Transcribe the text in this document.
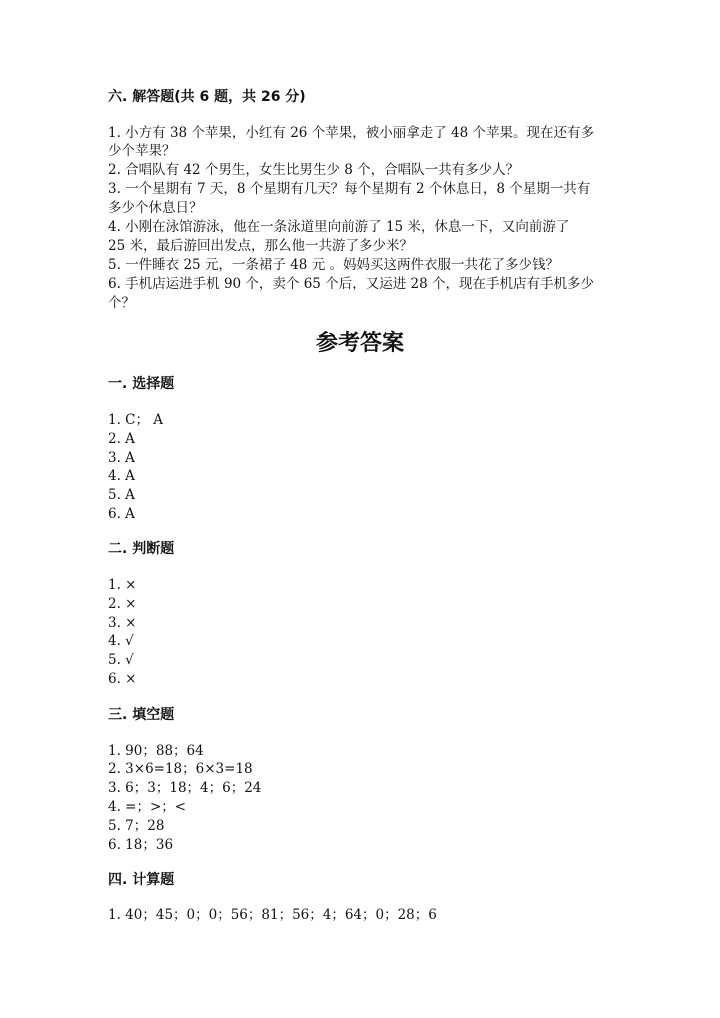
六. 解答题(共 6 题，共 26 分)
1. 小方有 38 个苹果，小红有 26 个苹果，被小丽拿走了 48 个苹果。现在还有多
少个苹果？
2. 合唱队有 42 个男生，女生比男生少 8 个，合唱队一共有多少人？
3. 一个星期有 7 天，8 个星期有几天？每个星期有 2 个休息日，8 个星期一共有
多少个休息日？
4. 小刚在泳馆游泳，他在一条泳道里向前游了 15 米，休息一下，又向前游了
25 米，最后游回出发点，那么他一共游了多少米？
5. 一件睡衣 25 元，一条裙子 48 元 。妈妈买这两件衣服一共花了多少钱？
6. 手机店运进手机 90 个，卖个 65 个后，又运进 28 个，现在手机店有手机多少
个？
参考答案
一. 选择题
1. C； A
2. A
3. A
4. A
5. A
6. A
二. 判断题
1. ×
2. ×
3. ×
4. √
5. √
6. ×
三. 填空题
1. 90；88；64
2. 3×6=18；6×3=18
3. 6；3；18；4；6；24
4. =；>；<
5. 7；28
6. 18；36
四. 计算题
1. 40；45；0；0；56；81；56；4；64；0；28；6
